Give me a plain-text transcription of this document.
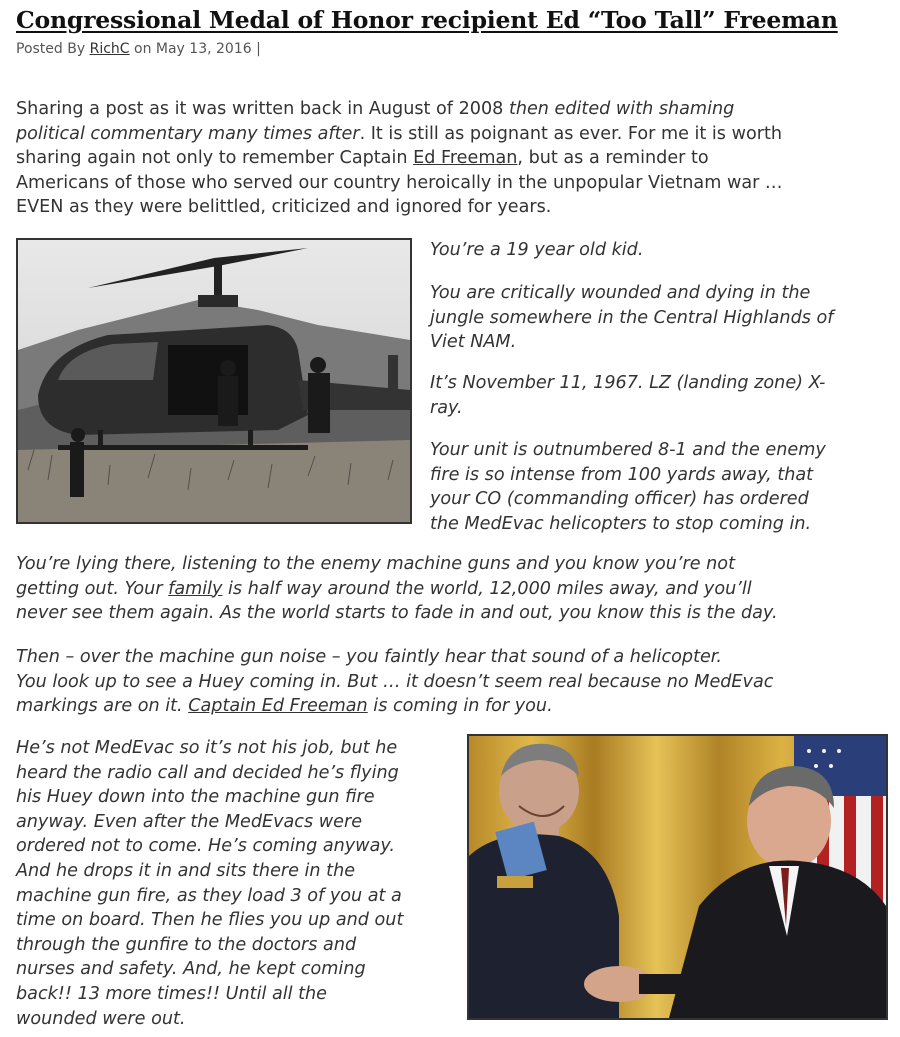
Congressional Medal of Honor recipient Ed “Too Tall” Freeman
Posted By RichC on May 13, 2016 |

Sharing a post as it was written back in August of 2008 then edited with shaming
political commentary many times after. It is still as poignant as ever. For me it is worth
sharing again not only to remember Captain Ed Freeman, but as a reminder to
Americans of those who served our country heroically in the unpopular Vietnam war …
EVEN as they were belittled, criticized and ignored for years.

You’re a 19 year old kid.
You are critically wounded and dying in the
jungle somewhere in the Central Highlands of
Viet NAM.
It’s November 11, 1967. LZ (landing zone) X-
ray.
Your unit is outnumbered 8-1 and the enemy
fire is so intense from 100 yards away, that
your CO (commanding officer) has ordered
the MedEvac helicopters to stop coming in.
You’re lying there, listening to the enemy machine guns and you know you’re not
getting out. Your family is half way around the world, 12,000 miles away, and you’ll
never see them again. As the world starts to fade in and out, you know this is the day.
Then – over the machine gun noise – you faintly hear that sound of a helicopter.
You look up to see a Huey coming in. But … it doesn’t seem real because no MedEvac
markings are on it. Captain Ed Freeman is coming in for you.
He’s not MedEvac so it’s not his job, but he
heard the radio call and decided he’s flying
his Huey down into the machine gun fire
anyway. Even after the MedEvacs were
ordered not to come. He’s coming anyway.
And he drops it in and sits there in the
machine gun fire, as they load 3 of you at a
time on board. Then he flies you up and out
through the gunfire to the doctors and
nurses and safety. And, he kept coming
back!! 13 more times!! Until all the
wounded were out.
